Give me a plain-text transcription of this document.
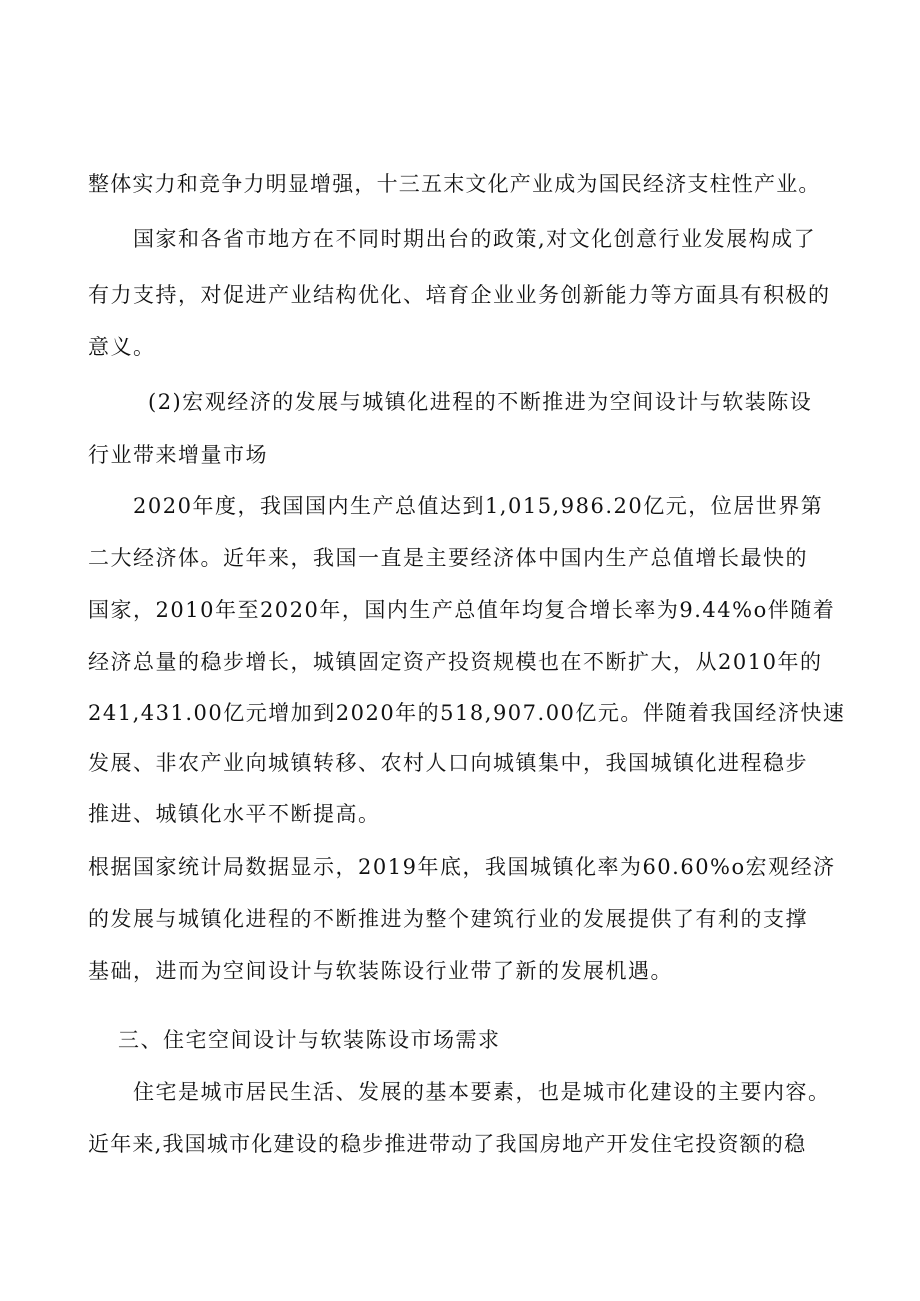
整体实力和竞争力明显增强，十三五末文化产业成为国民经济支柱性产业。

国家和各省市地方在不同时期出台的政策,对文化创意行业发展构成了

有力支持，对促进产业结构优化、培育企业业务创新能力等方面具有积极的

意义。

(2)宏观经济的发展与城镇化进程的不断推进为空间设计与软装陈设

行业带来增量市场

2020年度，我国国内生产总值达到1,015,986.20亿元，位居世界第

二大经济体。近年来，我国一直是主要经济体中国内生产总值增长最快的

国家，2010年至2020年，国内生产总值年均复合增长率为9.44%o伴随着

经济总量的稳步增长，城镇固定资产投资规模也在不断扩大，从2010年的

241,431.00亿元增加到2020年的518,907.00亿元。伴随着我国经济快速

发展、非农产业向城镇转移、农村人口向城镇集中，我国城镇化进程稳步

推进、城镇化水平不断提高。

根据国家统计局数据显示，2019年底，我国城镇化率为60.60%o宏观经济

的发展与城镇化进程的不断推进为整个建筑行业的发展提供了有利的支撑

基础，进而为空间设计与软装陈设行业带了新的发展机遇。

三、住宅空间设计与软装陈设市场需求

住宅是城市居民生活、发展的基本要素，也是城市化建设的主要内容。

近年来,我国城市化建设的稳步推进带动了我国房地产开发住宅投资额的稳
